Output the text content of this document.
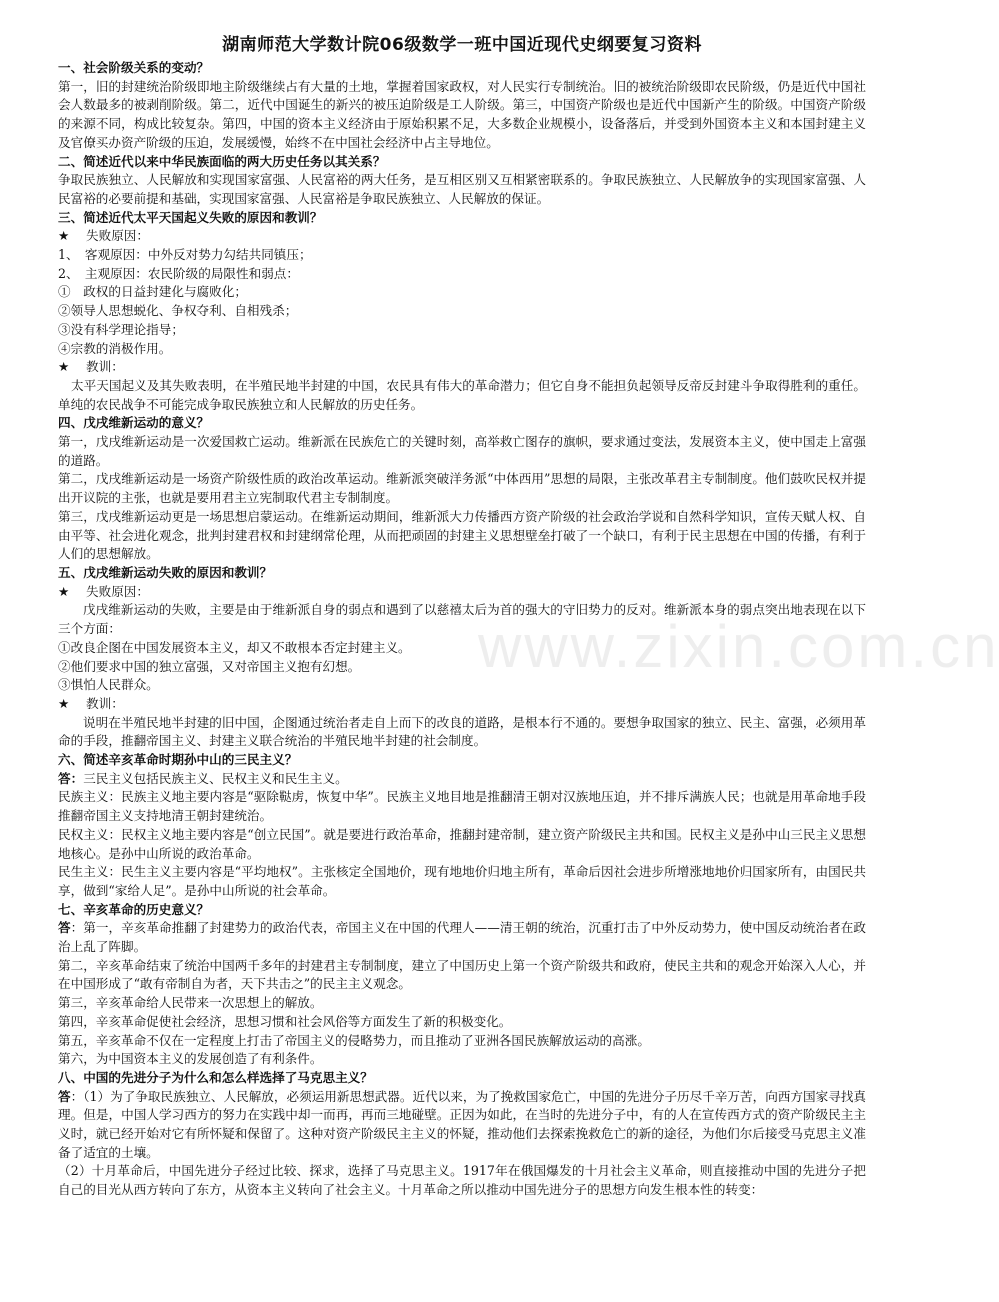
www.zixin.com.cn
湖南师范大学数计院06级数学一班中国近现代史纲要复习资料
一、社会阶级关系的变动？
第一，旧的封建统治阶级即地主阶级继续占有大量的土地，掌握着国家政权，对人民实行专制统治。旧的被统治阶级即农民阶级，仍是近代中国社会人数最多的被剥削阶级。第二，近代中国诞生的新兴的被压迫阶级是工人阶级。第三，中国资产阶级也是近代中国新产生的阶级。中国资产阶级的来源不同，构成比较复杂。第四，中国的资本主义经济由于原始积累不足，大多数企业规模小，设备落后，并受到外国资本主义和本国封建主义及官僚买办资产阶级的压迫，发展缓慢，始终不在中国社会经济中占主导地位。
二、简述近代以来中华民族面临的两大历史任务以其关系？
争取民族独立、人民解放和实现国家富强、人民富裕的两大任务，是互相区别又互相紧密联系的。争取民族独立、人民解放争的实现国家富强、人民富裕的必要前提和基础，实现国家富强、人民富裕是争取民族独立、人民解放的保证。
三、简述近代太平天国起义失败的原因和教训？
★ 失败原因：
1、　客观原因：中外反对势力勾结共同镇压；
2、　主观原因：农民阶级的局限性和弱点：
①　政权的日益封建化与腐败化；
②领导人思想蜕化、争权夺利、自相残杀；
③没有科学理论指导；
④宗教的消极作用。
★ 教训：
太平天国起义及其失败表明，在半殖民地半封建的中国，农民具有伟大的革命潜力；但它自身不能担负起领导反帝反封建斗争取得胜利的重任。单纯的农民战争不可能完成争取民族独立和人民解放的历史任务。
四、戊戌维新运动的意义？
第一，戊戌维新运动是一次爱国救亡运动。维新派在民族危亡的关键时刻，高举救亡图存的旗帜，要求通过变法，发展资本主义，使中国走上富强的道路。
第二，戊戌维新运动是一场资产阶级性质的政治改革运动。维新派突破洋务派“中体西用”思想的局限，主张改革君主专制制度。他们鼓吹民权并提出开议院的主张，也就是要用君主立宪制取代君主专制制度。
第三，戊戌维新运动更是一场思想启蒙运动。在维新运动期间，维新派大力传播西方资产阶级的社会政治学说和自然科学知识，宣传天赋人权、自由平等、社会进化观念，批判封建君权和封建纲常伦理，从而把顽固的封建主义思想壁垒打破了一个缺口，有利于民主思想在中国的传播，有利于人们的思想解放。
五、戊戌维新运动失败的原因和教训？
★ 失败原因：
戊戌维新运动的失败，主要是由于维新派自身的弱点和遇到了以慈禧太后为首的强大的守旧势力的反对。维新派本身的弱点突出地表现在以下三个方面：
①改良企图在中国发展资本主义，却又不敢根本否定封建主义。
②他们要求中国的独立富强，又对帝国主义抱有幻想。
③惧怕人民群众。
★ 教训：
说明在半殖民地半封建的旧中国，企图通过统治者走自上而下的改良的道路，是根本行不通的。要想争取国家的独立、民主、富强，必须用革命的手段，推翻帝国主义、封建主义联合统治的半殖民地半封建的社会制度。
六、简述辛亥革命时期孙中山的三民主义？
答：三民主义包括民族主义、民权主义和民生主义。
民族主义：民族主义地主要内容是“驱除鞑虏，恢复中华”。民族主义地目地是推翻清王朝对汉族地压迫，并不排斥满族人民；也就是用革命地手段推翻帝国主义支持地清王朝封建统治。
民权主义：民权主义地主要内容是“创立民国”。就是要进行政治革命，推翻封建帝制，建立资产阶级民主共和国。民权主义是孙中山三民主义思想地核心。是孙中山所说的政治革命。
民生主义：民生主义主要内容是“平均地权”。主张核定全国地价，现有地地价归地主所有，革命后因社会进步所增涨地地价归国家所有，由国民共享，做到“家给人足”。是孙中山所说的社会革命。
七、辛亥革命的历史意义？
答：第一，辛亥革命推翻了封建势力的政治代表，帝国主义在中国的代理人——清王朝的统治，沉重打击了中外反动势力，使中国反动统治者在政治上乱了阵脚。
第二，辛亥革命结束了统治中国两千多年的封建君主专制制度，建立了中国历史上第一个资产阶级共和政府，使民主共和的观念开始深入人心，并在中国形成了“敢有帝制自为者，天下共击之”的民主主义观念。
第三，辛亥革命给人民带来一次思想上的解放。
第四，辛亥革命促使社会经济，思想习惯和社会风俗等方面发生了新的积极变化。
第五，辛亥革命不仅在一定程度上打击了帝国主义的侵略势力，而且推动了亚洲各国民族解放运动的高涨。
第六，为中国资本主义的发展创造了有利条件。
八、中国的先进分子为什么和怎么样选择了马克思主义？
答：（1）为了争取民族独立、人民解放，必须运用新思想武器。近代以来，为了挽救国家危亡，中国的先进分子历尽千辛万苦，向西方国家寻找真理。但是，中国人学习西方的努力在实践中却一而再，再而三地碰壁。正因为如此，在当时的先进分子中，有的人在宣传西方式的资产阶级民主主义时，就已经开始对它有所怀疑和保留了。这种对资产阶级民主主义的怀疑，推动他们去探索挽救危亡的新的途径，为他们尔后接受马克思主义准备了适宜的土壤。
（2）十月革命后，中国先进分子经过比较、探求，选择了马克思主义。1917年在俄国爆发的十月社会主义革命，则直接推动中国的先进分子把自己的目光从西方转向了东方，从资本主义转向了社会主义。十月革命之所以推动中国先进分子的思想方向发生根本性的转变：
